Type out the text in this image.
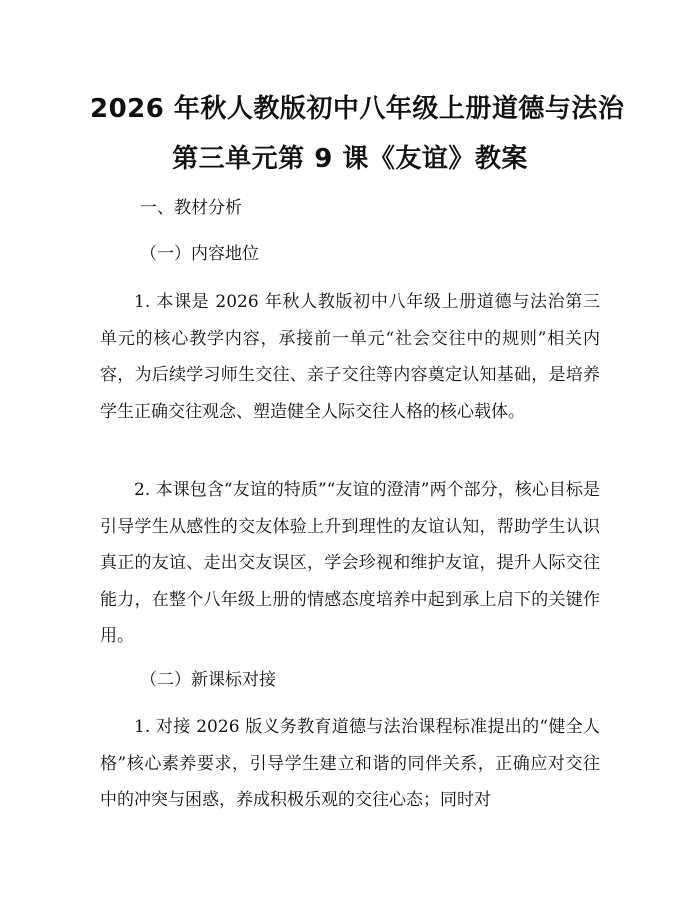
2026 年秋人教版初中八年级上册道德与法治
第三单元第 9 课《友谊》教案
一、教材分析
（一）内容地位
1. 本课是 2026 年秋人教版初中八年级上册道德与法治第三单元的核心教学内容，承接前一单元“社会交往中的规则”相关内容，为后续学习师生交往、亲子交往等内容奠定认知基础，是培养学生正确交往观念、塑造健全人际交往人格的核心载体。
2. 本课包含“友谊的特质”“友谊的澄清”两个部分，核心目标是引导学生从感性的交友体验上升到理性的友谊认知，帮助学生认识真正的友谊、走出交友误区，学会珍视和维护友谊，提升人际交往能力，在整个八年级上册的情感态度培养中起到承上启下的关键作用。
（二）新课标对接
1. 对接 2026 版义务教育道德与法治课程标准提出的“健全人格”核心素养要求，引导学生建立和谐的同伴关系，正确应对交往中的冲突与困惑，养成积极乐观的交往心态；同时对
